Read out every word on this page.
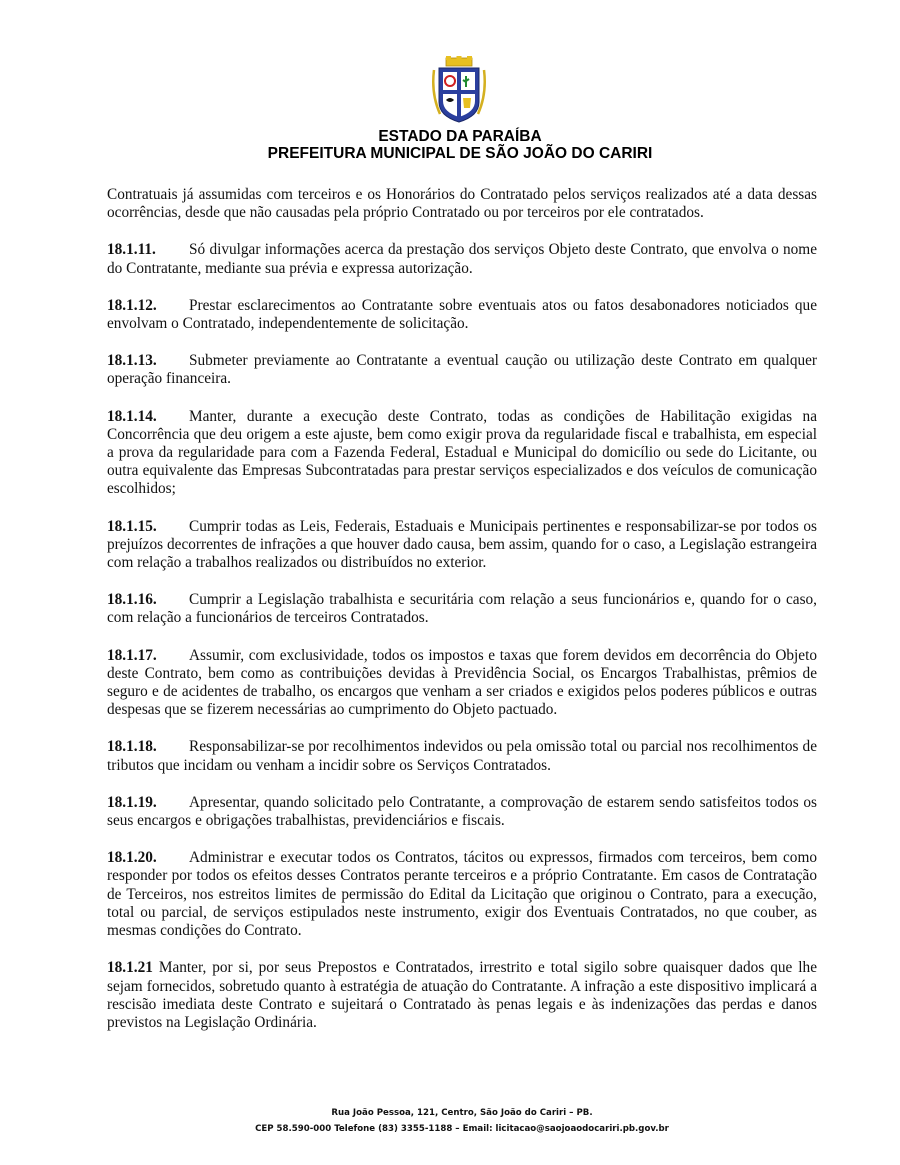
ESTADO DA PARAÍBA
PREFEITURA MUNICIPAL DE SÃO JOÃO DO CARIRI

Contratuais já assumidas com terceiros e os Honorários do Contratado pelos serviços realizados até a data dessas ocorrências, desde que não causadas pela próprio Contratado ou por terceiros por ele contratados.

18.1.11. Só divulgar informações acerca da prestação dos serviços Objeto deste Contrato, que envolva o nome do Contratante, mediante sua prévia e expressa autorização.

18.1.12. Prestar esclarecimentos ao Contratante sobre eventuais atos ou fatos desabonadores noticiados que envolvam o Contratado, independentemente de solicitação.

18.1.13. Submeter previamente ao Contratante a eventual caução ou utilização deste Contrato em qualquer operação financeira.

18.1.14. Manter, durante a execução deste Contrato, todas as condições de Habilitação exigidas na Concorrência que deu origem a este ajuste, bem como exigir prova da regularidade fiscal e trabalhista, em especial a prova da regularidade para com a Fazenda Federal, Estadual e Municipal do domicílio ou sede do Licitante, ou outra equivalente das Empresas Subcontratadas para prestar serviços especializados e dos veículos de comunicação escolhidos;

18.1.15. Cumprir todas as Leis, Federais, Estaduais e Municipais pertinentes e responsabilizar-se por todos os prejuízos decorrentes de infrações a que houver dado causa, bem assim, quando for o caso, a Legislação estrangeira com relação a trabalhos realizados ou distribuídos no exterior.

18.1.16. Cumprir a Legislação trabalhista e securitária com relação a seus funcionários e, quando for o caso, com relação a funcionários de terceiros Contratados.

18.1.17. Assumir, com exclusividade, todos os impostos e taxas que forem devidos em decorrência do Objeto deste Contrato, bem como as contribuições devidas à Previdência Social, os Encargos Trabalhistas, prêmios de seguro e de acidentes de trabalho, os encargos que venham a ser criados e exigidos pelos poderes públicos e outras despesas que se fizerem necessárias ao cumprimento do Objeto pactuado.

18.1.18. Responsabilizar-se por recolhimentos indevidos ou pela omissão total ou parcial nos recolhimentos de tributos que incidam ou venham a incidir sobre os Serviços Contratados.

18.1.19. Apresentar, quando solicitado pelo Contratante, a comprovação de estarem sendo satisfeitos todos os seus encargos e obrigações trabalhistas, previdenciários e fiscais.

18.1.20. Administrar e executar todos os Contratos, tácitos ou expressos, firmados com terceiros, bem como responder por todos os efeitos desses Contratos perante terceiros e a próprio Contratante. Em casos de Contratação de Terceiros, nos estreitos limites de permissão do Edital da Licitação que originou o Contrato, para a execução, total ou parcial, de serviços estipulados neste instrumento, exigir dos Eventuais Contratados, no que couber, as mesmas condições do Contrato.

18.1.21 Manter, por si, por seus Prepostos e Contratados, irrestrito e total sigilo sobre quaisquer dados que lhe sejam fornecidos, sobretudo quanto à estratégia de atuação do Contratante. A infração a este dispositivo implicará a rescisão imediata deste Contrato e sujeitará o Contratado às penas legais e às indenizações das perdas e danos previstos na Legislação Ordinária.

Rua João Pessoa, 121, Centro, São João do Cariri – PB.
CEP 58.590-000 Telefone (83) 3355-1188 – Email: licitacao@saojoaodocariri.pb.gov.br
